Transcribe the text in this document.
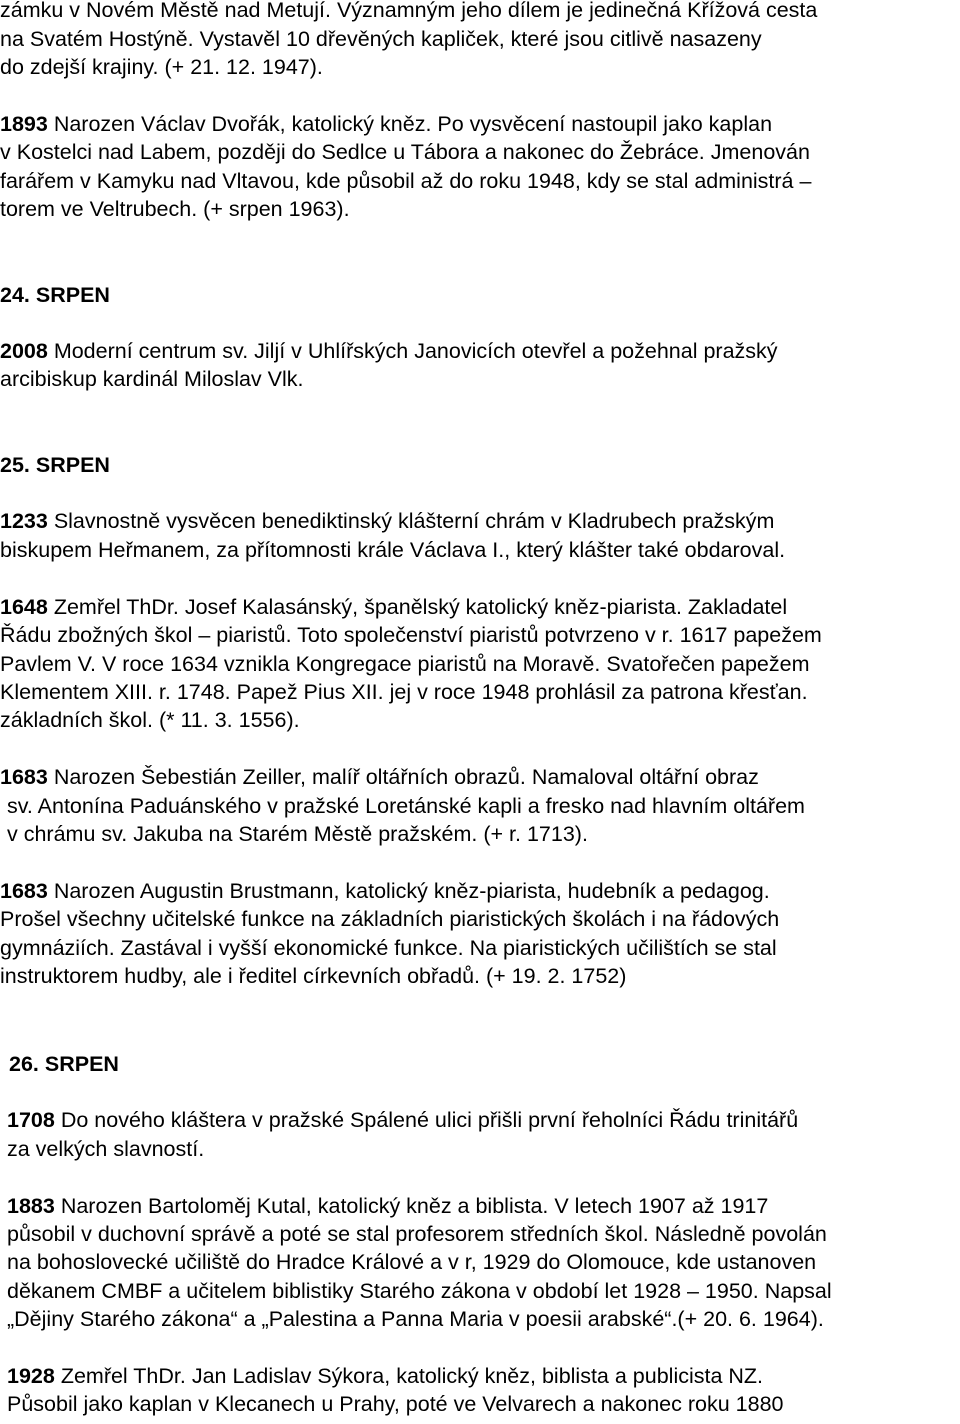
zámku v Novém Městě nad Metují. Významným jeho dílem je jedinečná Křížová cesta
na Svatém Hostýně. Vystavěl 10 dřevěných kapliček, které jsou citlivě nasazeny
do zdejší krajiny. (+ 21. 12. 1947).
1893 Narozen Václav Dvořák, katolický kněz. Po vysvěcení nastoupil jako kaplan
v Kostelci nad Labem, později do Sedlce u Tábora a nakonec do Žebráce. Jmenován
farářem v Kamyku nad Vltavou, kde působil až do roku 1948, kdy se stal administrá –
torem ve Veltrubech. (+ srpen 1963).
24. SRPEN
2008 Moderní centrum sv. Jiljí v Uhlířských Janovicích otevřel a požehnal pražský
arcibiskup kardinál Miloslav Vlk.
25. SRPEN
1233 Slavnostně vysvěcen benediktinský klášterní chrám v Kladrubech pražským
biskupem Heřmanem, za přítomnosti krále Václava I., který klášter také obdaroval.
1648 Zemřel ThDr. Josef Kalasánský, španělský katolický kněz-piarista. Zakladatel
Řádu zbožných škol – piaristů. Toto společenství piaristů potvrzeno v r. 1617 papežem
Pavlem V. V roce 1634 vznikla Kongregace piaristů na Moravě. Svatořečen papežem
Klementem XIII. r. 1748. Papež Pius XII. jej v roce 1948 prohlásil za patrona křesťan.
základních škol. (* 11. 3. 1556).
1683 Narozen Šebestián Zeiller, malíř oltářních obrazů. Namaloval oltářní obraz
sv. Antonína Paduánského v pražské Loretánské kapli a fresko nad hlavním oltářem
v chrámu sv. Jakuba na Starém Městě pražském. (+ r. 1713).
1683 Narozen Augustin Brustmann, katolický kněz-piarista, hudebník a pedagog.
Prošel všechny učitelské funkce na základních piaristických školách i na řádových
gymnáziích. Zastával i vyšší ekonomické funkce. Na piaristických učilištích se stal
instruktorem hudby, ale i ředitel církevních obřadů. (+ 19. 2. 1752)
26. SRPEN
1708 Do nového kláštera v pražské Spálené ulici přišli první řeholníci Řádu trinitářů
za velkých slavností.
1883 Narozen Bartoloměj Kutal, katolický kněz a biblista. V letech 1907 až 1917
působil v duchovní správě a poté se stal profesorem středních škol. Následně povolán
na bohoslovecké učiliště do Hradce Králové a v r, 1929 do Olomouce, kde ustanoven
děkanem CMBF a učitelem biblistiky Starého zákona v období let 1928 – 1950. Napsal
„Dějiny Starého zákona“ a „Palestina a Panna Maria v poesii arabské“.(+ 20. 6. 1964).
1928 Zemřel ThDr. Jan Ladislav Sýkora, katolický kněz, biblista a publicista NZ.
Působil jako kaplan v Klecanech u Prahy, poté ve Velvarech a nakonec roku 1880
